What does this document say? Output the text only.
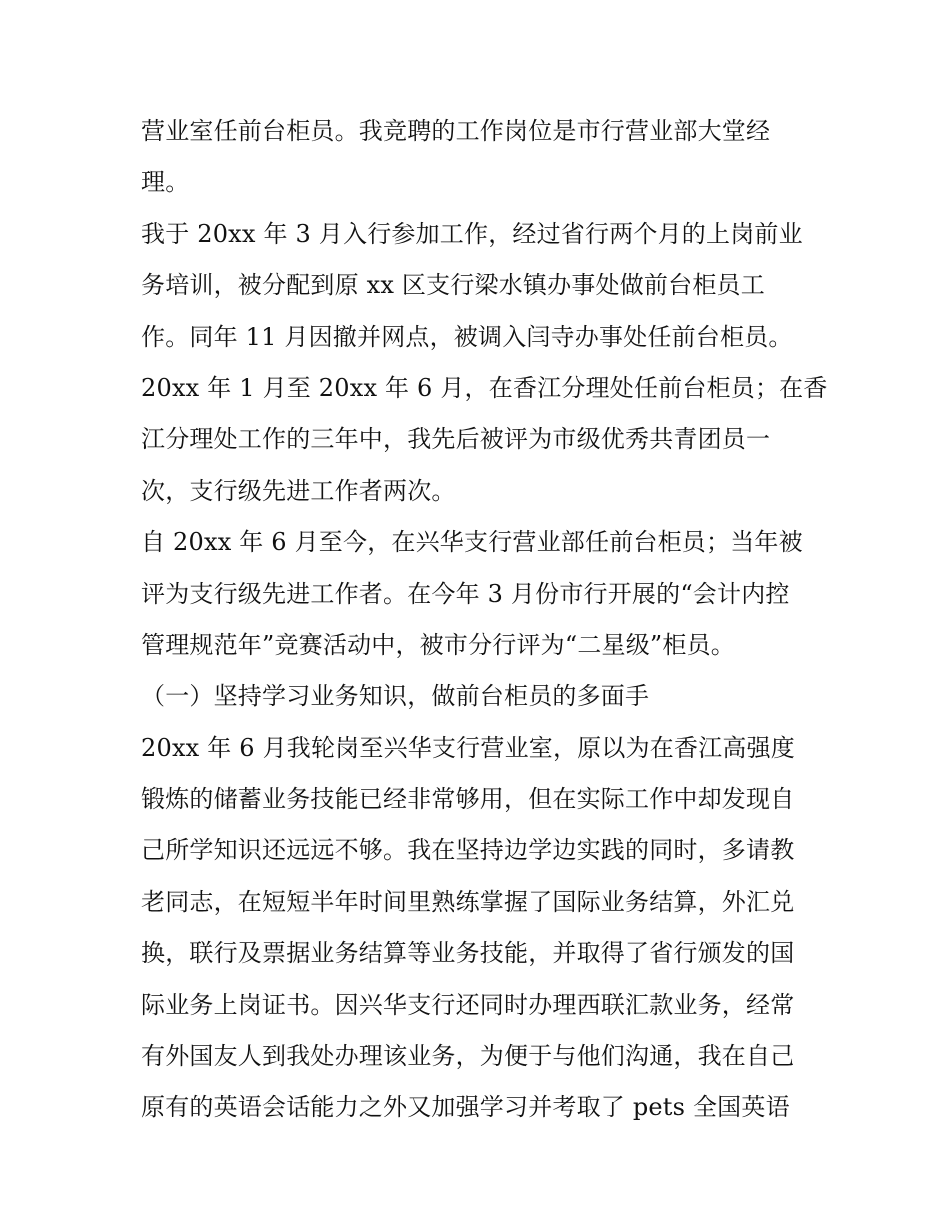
营业室任前台柜员。我竞聘的工作岗位是市行营业部大堂经
理。
我于 20xx 年 3 月入行参加工作，经过省行两个月的上岗前业
务培训，被分配到原 xx 区支行梁水镇办事处做前台柜员工
作。同年 11 月因撤并网点，被调入闫寺办事处任前台柜员。
20xx 年 1 月至 20xx 年 6 月，在香江分理处任前台柜员；在香
江分理处工作的三年中，我先后被评为市级优秀共青团员一
次，支行级先进工作者两次。
自 20xx 年 6 月至今，在兴华支行营业部任前台柜员；当年被
评为支行级先进工作者。在今年 3 月份市行开展的“会计内控
管理规范年”竞赛活动中，被市分行评为“二星级”柜员。
（一）坚持学习业务知识，做前台柜员的多面手
20xx 年 6 月我轮岗至兴华支行营业室，原以为在香江高强度
锻炼的储蓄业务技能已经非常够用，但在实际工作中却发现自
己所学知识还远远不够。我在坚持边学边实践的同时，多请教
老同志，在短短半年时间里熟练掌握了国际业务结算，外汇兑
换，联行及票据业务结算等业务技能，并取得了省行颁发的国
际业务上岗证书。因兴华支行还同时办理西联汇款业务，经常
有外国友人到我处办理该业务，为便于与他们沟通，我在自己
原有的英语会话能力之外又加强学习并考取了 pets 全国英语
